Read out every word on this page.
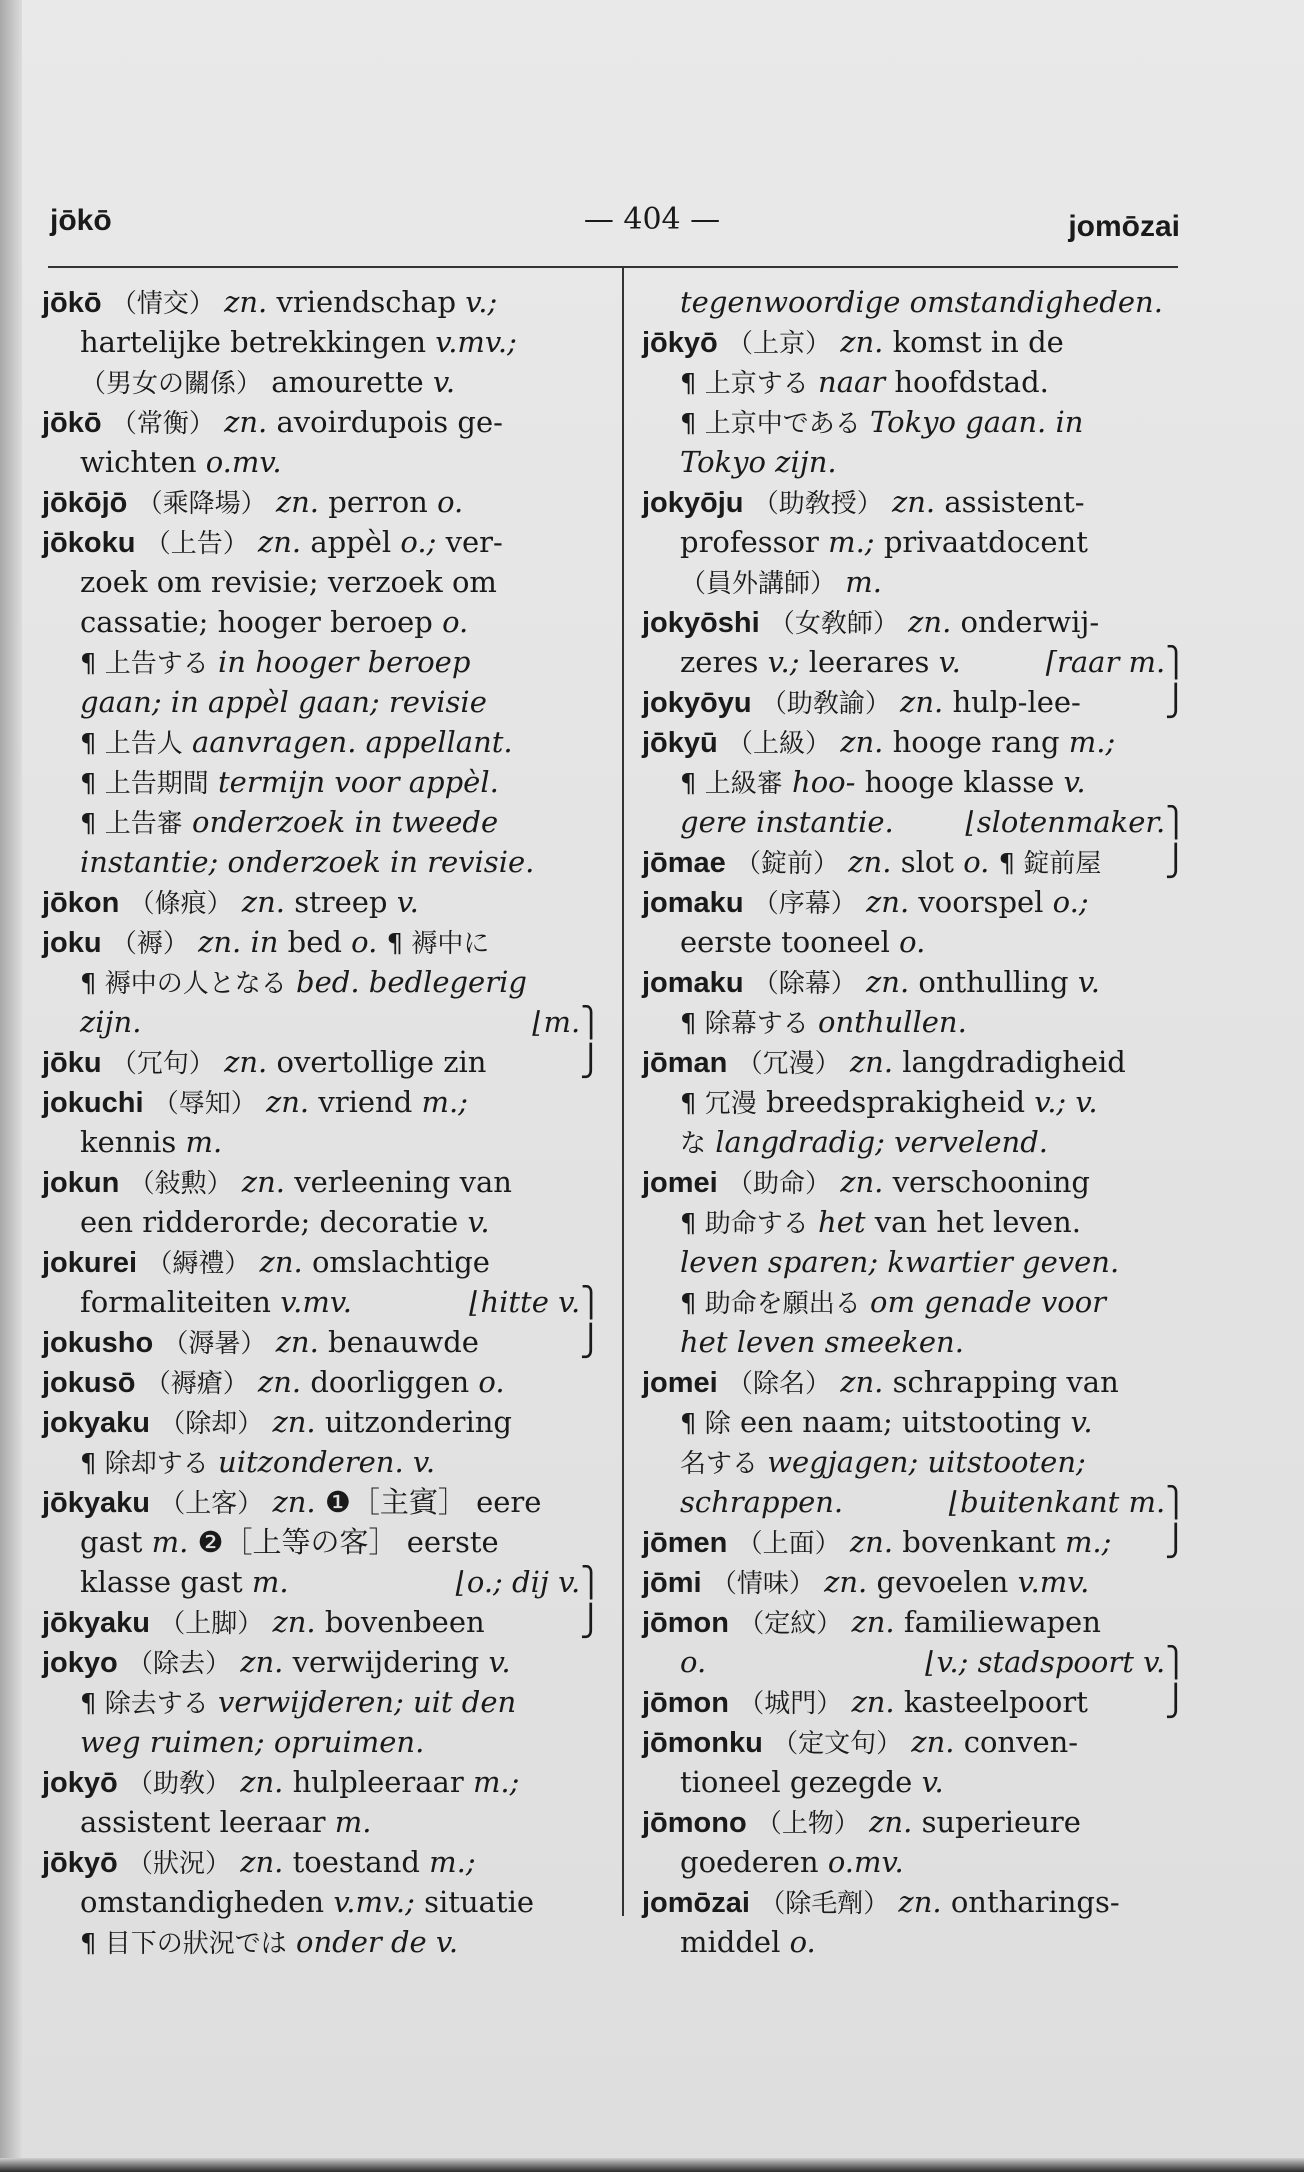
jōkō	— 404 —	jomōzai
jōkō （情交） zn. vriendschap v.;
hartelijke betrekkingen v.mv.;
（男女の關係） amourette v.
jōkō （常衡） zn. avoirdupois ge-
wichten o.mv.
jōkōjō （乘降場） zn. perron o.
jōkoku （上告） zn. appèl o.; ver-
zoek om revisie; verzoek om
cassatie; hooger beroep o.
¶ 上告する in hooger beroep
gaan; in appèl gaan; revisie
¶ 上告人 aanvragen. appellant.
¶ 上告期間 termijn voor appèl.
¶ 上告審 onderzoek in tweede
instantie; onderzoek in revisie.
jōkon （條痕） zn. streep v.
joku （褥） zn. in bed o. ¶ 褥中に
¶ 褥中の人となる bed. bedlegerig
zijn.	⌊m.⎫
jōku （冗句） zn. overtollige zin	⎭
jokuchi （辱知） zn. vriend m.;
kennis m.
jokun （敍勲） zn. verleening van
een ridderorde; decoratie v.
jokurei （縟禮） zn. omslachtige
formaliteiten v.mv.	⌊hitte v.⎫
jokusho （溽暑） zn. benauwde	⎭
jokusō （褥瘡） zn. doorliggen o.
jokyaku （除却） zn. uitzondering
¶ 除却する uitzonderen. v.
jōkyaku （上客） zn. ❶［主賓］ eere
gast m. ❷［上等の客］ eerste
klasse gast m.	⌊o.; dij v.⎫
jōkyaku （上脚） zn. bovenbeen	⎭
jokyo （除去） zn. verwijdering v.
¶ 除去する verwijderen; uit den
weg ruimen; opruimen.
jokyō （助敎） zn. hulpleeraar m.;
assistent leeraar m.
jōkyō （狀況） zn. toestand m.;
omstandigheden v.mv.; situatie
¶ 目下の狀況では onder de v.
tegenwoordige omstandigheden.
jōkyō （上京） zn. komst in de
¶ 上京する naar hoofdstad.
¶ 上京中である Tokyo gaan. in
Tokyo zijn.
jokyōju （助敎授） zn. assistent-
professor m.; privaatdocent
（員外講師） m.
jokyōshi （女敎師） zn. onderwij-
zeres v.; leerares v.	⌈raar m.⎫
jokyōyu （助敎諭） zn. hulp-lee-	⎭
jōkyū （上級） zn. hooge rang m.;
¶ 上級審 hoo- hooge klasse v.
gere instantie. ⌊slotenmaker.⎫
jōmae （錠前） zn. slot o. ¶ 錠前屋 ⎭
jomaku （序幕） zn. voorspel o.;
eerste tooneel o.
jomaku （除幕） zn. onthulling v.
¶ 除幕する onthullen.
jōman （冗漫） zn. langdradigheid
¶ 冗漫 breedsprakigheid v.; v.
な langdradig; vervelend.
jomei （助命） zn. verschooning
¶ 助命する het van het leven.
leven sparen; kwartier geven.
¶ 助命を願出る om genade voor
het leven smeeken.
jomei （除名） zn. schrapping van
¶ 除 een naam; uitstooting v.
名する wegjagen; uitstooten;
schrappen.	⌊buitenkant m.⎫
jōmen （上面） zn. bovenkant m.; ⎭
jōmi （情味） zn. gevoelen v.mv.
jōmon （定紋） zn. familiewapen
o.	⌊v.; stadspoort v.⎫
jōmon （城門） zn. kasteelpoort	⎭
jōmonku （定文句） zn. conven-
tioneel gezegde v.
jōmono （上物） zn. superieure
goederen o.mv.
jomōzai （除毛劑） zn. ontharings-
middel o.
